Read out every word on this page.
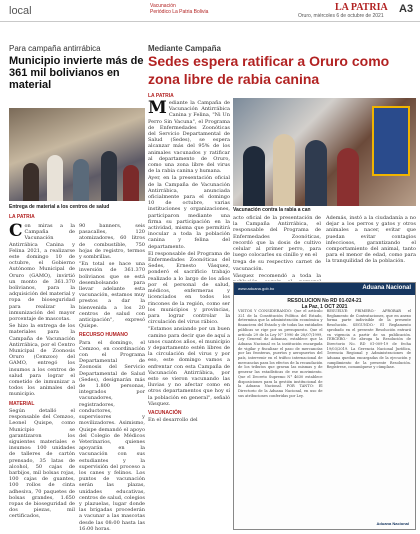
local	Vacunación
Periódico La Patria Bolivia	LA PATRIA
Oruro, miércoles 6 de octubre de 2021
A3
Para campaña antirrábica
Municipio invierte más de 361 mil bolivianos en material
Entrega de material a los centros de salud
LA PATRIA

Con miras a la Campaña de Vacunación Antirrábica Canina y Felina 2021, a realizarse este domingo 10 de octubre, el Gobierno Autónomo Municipal de Oruro (GAMO), invirtió un monto de 361.370 bolivianos, para la adquisición del material y ropa de bioseguridad para realizar la inmunización del mayor porcentaje de mascotas.

Se hizo la entrega de los materiales para la Campaña de Vacunación Antirrábica, por el Centro Municipal de Zoonosis Oruro (Cemzoo) del GAMO, entregó los insumos a los centros de salud para lograr el cometido de inmunizar a todos los animales del municipio.

MATERIAL

Según detalló el responsable del Cemzoo, Leonel Quispe, como Municipio se garantizaron los siguientes materiales e insumos: 100 unidades de talleres de cartón prensado, 35 latas de alcohol, 50 cajas de barbijos, mil bolsas rojas, 100 cajas de guantes, 100 rollos de cinta adhesiva, 70 paquetes de bolsas grandes, 1.650 ropas de bioseguridad de dos piezas, mil certificados,

90 banners, seis pasacalles, 120 atomizadores, 60 litros de combustible, 750 hojas de registro, termos y sombrillas.

"En total se hace una inversión de 361.370 bolivianos que se está desembolsando para llevar adelante esta vacunación, estamos muy prestos a dar la bienvenida a los 20 centros de salud con anticipación", expresó Quispe.

RECURSO HUMANO

Para el domingo, el Cemzoo, en coordinación con el Programa Departamental de Zoonosis del Servicio Departamental de Salud (Sedes), designarán más de 1.800 personas, integrados por vacunadores, registradores, conductores, supervisores y movilizadores. Asimismo, Quispe demandó el apoyo del Colegio de Médicos Veterinarios, quienes apoyarán en la vacunación con sus estudiantes y la supervisión del proceso a los canes y felinos. Los puntos de vacunación serán las plazas, unidades educativas, centros de salud, colegios y plazuelas, lugar donde las brigadas procederán a vacunar a las mascotas desde las 08:00 hasta las 16:00 horas.

Mediante Campaña
Sedes espera ratificar a Oruro como zona libre de rabia canina
LA PATRIA

Mediante la Campaña de Vacunación Antirrábica Canina y Felina, "Ni Un Perro Sin Vacuna", el Programa de Enfermedades Zoonóticas del Servicio Departamental de Salud (Sedes), se espera alcanzar más del 95% de los animales vacunados y ratificar al departamento de Oruro, como una zona libre del virus de la rabia canina y humana.

Ayer, en la presentación oficial de la Campaña de Vacunación Antirrábica, anunciada oficialmente para el domingo 10 de octubre, varias instituciones y organizaciones, participaron mediante una firma su participación en la actividad, misma que permitirá inocular a toda la población canina y felina del departamento.

El responsable del Programa de Enfermedades Zoonóticas del Sedes, Ernesto Vásquez, ponderó el sacrificio trabajo realizado a lo largo de los años por el personal de salud, médicos, enfermeras y licenciados en todos los rincones de la región, como ser los municipios y provincias, para lograr controlar la circulación del virus rábico.

"Estamos ansiando por un buen camino para decir que de aquí a unos cuantos años, el municipio y departamento estén libres de la circulación del virus y por eso, este domingo vamos a enfrentar con esta Campaña de Vacunación Antirrábica, por esto se vieron vacunando las lluvias y no afectar como en otros departamentos que hoy sí la población en general", señaló Vásquez.

VACUNACIÓN

En el desarrollo del

Vacunación contra la rabia a can

acto oficial de la presentación de la Campaña Antirrábica, el responsable del Programa de Enfermedades Zoonóticas, recordó que la dosis de cultivo celular al primer perro, para luego colocarles su cinillo y en el

trega de su respectivo carnet de vacunación.

Vásquez recomendó a toda la

Además, instó a la ciudadanía a no dejar a los perros y gatos y otros animales a nacer, evitar que puedan evitar contagios infecciosos, garantizando el comportamiento del animal, tanto para el menor de edad, como para la tranquilidad de la población.

www.aduana.gob.bo	Aduana Nacional
RESOLUCION No RD 01-024-21
La Paz, 1 OCT 2021
VISTOS Y CONSIDERANDO: Que el artículo 321 de la Constitución Política del Estado, determina que la administración económica y financiera del Estado y de todas las entidades públicas se rige por su presupuesto. Que el artículo 29 de la Ley N° 1990 de 28/07/1999, Ley General de Aduanas, establece que la Aduana Nacional es la institución encargada de vigilar y fiscalizar el paso de mercancías por las fronteras, puertos y aeropuertos del país, intervenir en el tráfico internacional de mercancías para los efectos de la recaudación de los tributos que gravan las mismas y de generar las estadísticas de ese movimiento. Que el Decreto Supremo N° 4630 establece disposiciones para la gestión institucional de la Aduana Nacional. POR TANTO: El Directorio de la Aduana Nacional, en uso de sus atribuciones conferidas por Ley.
RESUELVE: PRIMERO.- APROBAR el Reglamento de Contrataciones, que en anexo forma parte indivisible de la presente Resolución. SEGUNDO.- El Reglamento aprobado en el presente Resolución entrará en vigencia a partir de su publicación. TERCERO.- Se abroga la Resolución de Directorio No. RD 01-009-19 de fecha 19/03/2019. La Gerencia Nacional Jurídica, Gerencia Regional y Administraciones de Aduana quedan encargadas de la ejecución y cumplimiento de la presente Resolución. Regístrese, comuníquese y cúmplase.
Aduana Nacional
